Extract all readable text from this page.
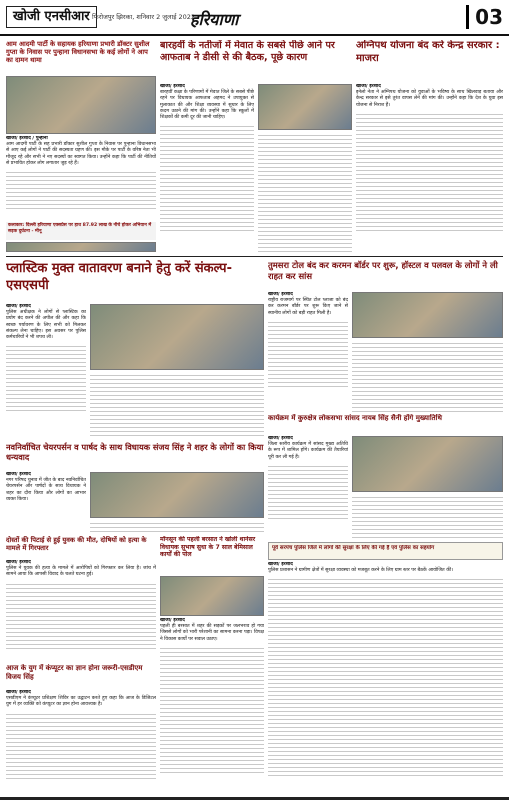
खोजी एनसीआर फिरोजपुर झिरका, शनिवार 2 जुलाई 2022
हरियाणा	03
आम आदमी पार्टी के सहायक हरियाणा प्रभारी डॉक्टर सुशील गुप्ता के निवास पर पुन्हाना विधानसभा के कई लोगों ने आप का दामन थामा
खोजी/ इरशाद / पुन्हाना
आम आदमी पार्टी के सह प्रभारी डॉक्टर सुशील गुप्ता के निवास पर पुन्हाना विधानसभा से आए कई लोगों ने पार्टी की सदस्यता ग्रहण की। इस मौके पर पार्टी के वरिष्ठ नेता भी मौजूद रहे और सभी ने नए सदस्यों का स्वागत किया। उन्होंने कहा कि पार्टी की नीतियों से प्रभावित होकर लोग लगातार जुड़ रहे हैं।
कलाकार: दिल्ली हरियाणा एक्सप्रेस पर हाथ 87.92 लाख के नीचे होकर अभियान में सड़क दुर्घटना - मीनू
बारहवीं के नतीजों में मेवात के सबसे पीछे आने पर आफताब ने डीसी से की बैठक, पूछे कारण
खोजी/ इरशाद
बारहवीं कक्षा के परिणामों में मेवात जिले के सबसे पीछे रहने पर विधायक आफताब अहमद ने उपायुक्त से मुलाकात की और शिक्षा व्यवस्था में सुधार के लिए कदम उठाने की मांग की। उन्होंने कहा कि स्कूलों में शिक्षकों की कमी दूर की जानी चाहिए।
अग्निपथ योजना बंद करे केन्द्र सरकार : माजरा
खोजी/ इरशाद
इनेलो नेता ने अग्निपथ योजना को युवाओं के भविष्य के साथ खिलवाड़ बताया और केन्द्र सरकार से इसे तुरंत वापस लेने की मांग की। उन्होंने कहा कि देश के युवा इस योजना से निराश हैं।
प्लास्टिक मुक्त वातावरण बनाने हेतु करें संकल्प-एसएसपी
खोजी/ इरशाद
पुलिस अधीक्षक ने लोगों से प्लास्टिक का प्रयोग बंद करने की अपील की और कहा कि स्वच्छ पर्यावरण के लिए सभी को मिलकर संकल्प लेना चाहिए। इस अवसर पर पुलिस कर्मचारियों ने भी शपथ ली।
तुमसरा टोल बंद कर करमन बॉर्डर पर शुरू, हॉस्टल व पलवल के लोगों ने ली राहत कर सांस
खोजी/ इरशाद
राष्ट्रीय राजमार्ग पर स्थित टोल प्लाजा को बंद कर करमन बॉर्डर पर शुरू किए जाने से स्थानीय लोगों को बड़ी राहत मिली है।
कार्यक्रम में कुरुक्षेत्र लोकसभा सांसद नायब सिंह सैनी होंगे मुख्यातिथि
खोजी/ इरशाद
जिला स्तरीय कार्यक्रम में सांसद मुख्य अतिथि के रूप में शामिल होंगे। कार्यक्रम की तैयारियां पूरी कर ली गई हैं।
नवनिर्वाचित चेयरपर्सन व पार्षद के साथ विधायक संजय सिंह ने शहर के लोगों का किया धन्यवाद
खोजी/ इरशाद
नगर परिषद चुनाव में जीत के बाद नवनिर्वाचित चेयरपर्सन और पार्षदों के साथ विधायक ने शहर का दौरा किया और लोगों का आभार व्यक्त किया।
पूर्व सरपंच पुलिस जिले में लोगों की सुरक्षा के लिए की गई है एवं पुलिस का सहयोग
खोजी/ इरशाद
पुलिस प्रशासन ने ग्रामीण क्षेत्रों में सुरक्षा व्यवस्था को मजबूत करने के लिए ग्राम स्तर पर बैठकें आयोजित कीं।
दोस्तों की पिटाई से हुई युवक की मौत, दोषियों को हत्या के मामले में गिरफ्तार
खोजी/ इरशाद
पुलिस ने युवक की हत्या के मामले में आरोपियों को गिरफ्तार कर लिया है। जांच में सामने आया कि आपसी विवाद के चलते घटना हुई।
मॉनसून की पहली बरसात ने खोली थानेसर विधायक सुभाष सुधा के 7 साल बेमिसाल कार्यों की पोल
खोजी/ इरशाद
पहली ही बरसात में शहर की सड़कों पर जलभराव हो गया जिससे लोगों को भारी परेशानी का सामना करना पड़ा। विपक्ष ने विकास कार्यों पर सवाल उठाए।
आज के युग में कंप्यूटर का ज्ञान होना जरूरी-एसडीएम विजय सिंह
खोजी/ इरशाद
एसडीएम ने कंप्यूटर प्रशिक्षण शिविर का उद्घाटन करते हुए कहा कि आज के डिजिटल युग में हर व्यक्ति को कंप्यूटर का ज्ञान होना आवश्यक है।
